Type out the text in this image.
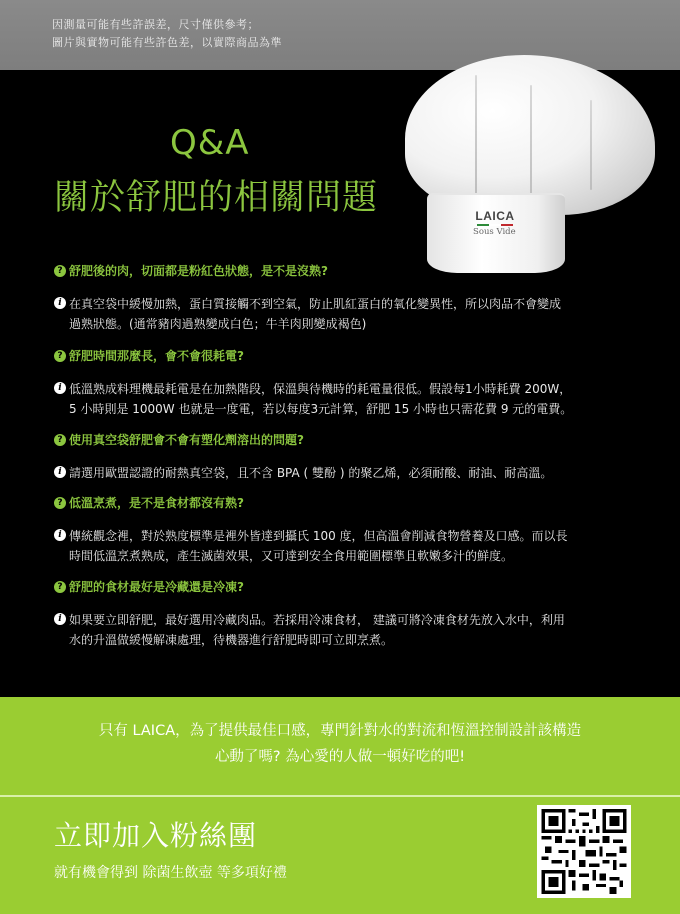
因測量可能有些許誤差，尺寸僅供參考；
圖片與實物可能有些許色差，以實際商品為準
Q&A
關於舒肥的相關問題	LAICA
Sous Vide
? 舒肥後的肉，切面都是粉紅色狀態，是不是沒熟?
i 在真空袋中緩慢加熱，蛋白質接觸不到空氣，防止肌紅蛋白的氧化變異性，所以肉品不會變成
過熟狀態。(通常豬肉過熟變成白色；牛羊肉則變成褐色)
? 舒肥時間那麼長，會不會很耗電?
i 低溫熟成料理機最耗電是在加熱階段，保溫與待機時的耗電量很低。假設每1小時耗費 200W，
5 小時則是 1000W 也就是一度電，若以每度3元計算，舒肥 15 小時也只需花費 9 元的電費。
? 使用真空袋舒肥會不會有塑化劑溶出的問題?
i 請選用歐盟認證的耐熱真空袋，且不含 BPA ( 雙酚 ) 的聚乙烯，必須耐酸、耐油、耐高溫。
? 低溫烹煮，是不是食材都沒有熟?
i 傳統觀念裡，對於熟度標準是裡外皆達到攝氏 100 度，但高溫會削減食物營養及口感。而以長
時間低溫烹煮熟成，產生滅菌效果，又可達到安全食用範圍標準且軟嫩多汁的鮮度。
? 舒肥的食材最好是冷藏還是冷凍?
i 如果要立即舒肥，最好選用冷藏肉品。若採用冷凍食材， 建議可將冷凍食材先放入水中，利用
水的升溫做緩慢解凍處理，待機器進行舒肥時即可立即烹煮。
只有 LAICA，為了提供最佳口感，專門針對水的對流和恆溫控制設計該構造
心動了嗎? 為心愛的人做一頓好吃的吧!
立即加入粉絲團
就有機會得到 除菌生飲壺 等多項好禮
